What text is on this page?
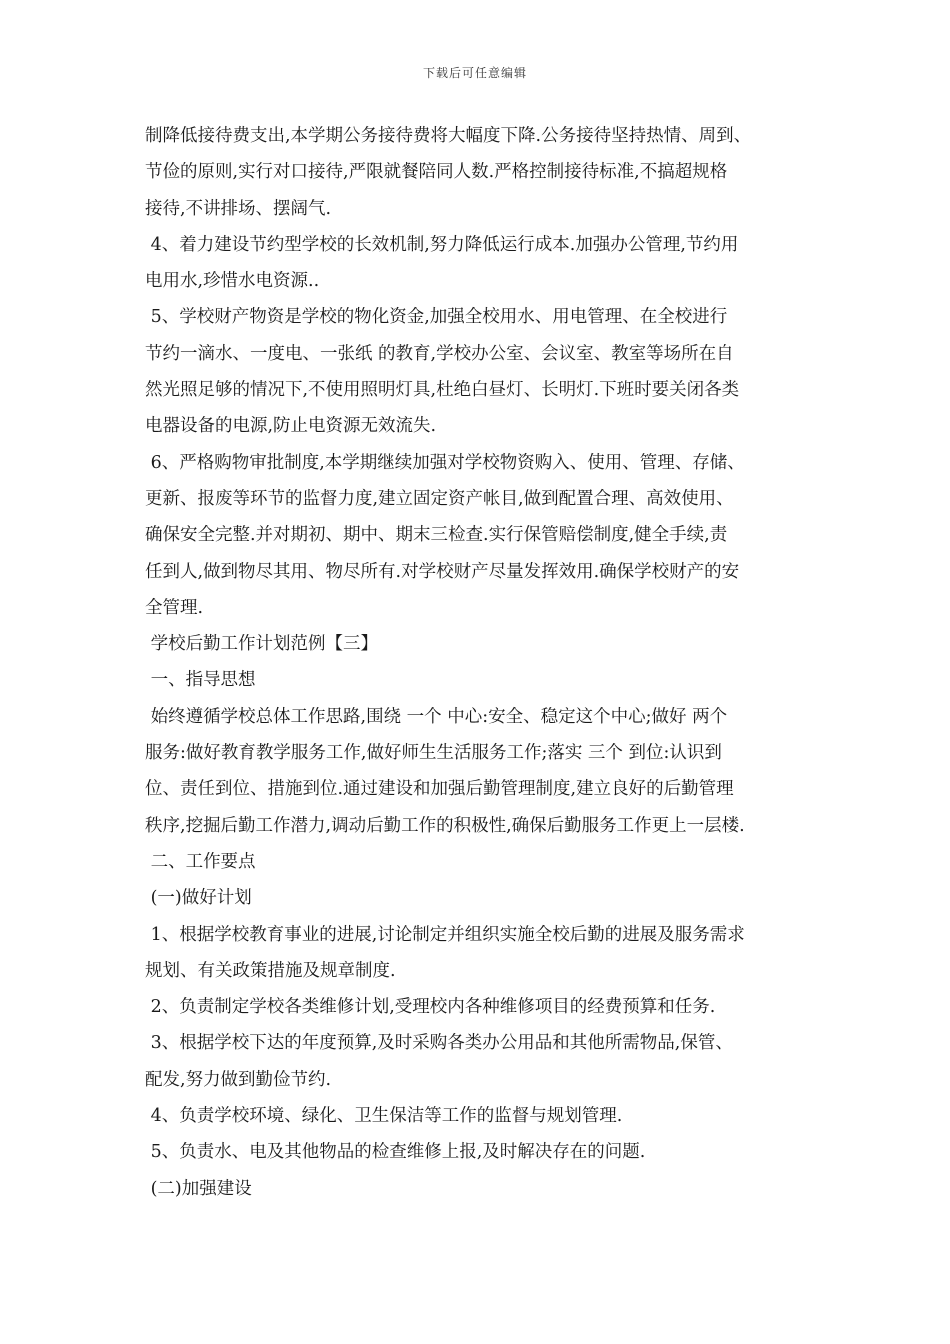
下载后可任意编辑
制降低接待费支出,本学期公务接待费将大幅度下降.公务接待坚持热情、周到、
节俭的原则,实行对口接待,严限就餐陪同人数.严格控制接待标准,不搞超规格
接待,不讲排场、摆阔气.
4、着力建设节约型学校的长效机制,努力降低运行成本.加强办公管理,节约用
电用水,珍惜水电资源..
5、学校财产物资是学校的物化资金,加强全校用水、用电管理、在全校进行
节约一滴水、一度电、一张纸 的教育,学校办公室、会议室、教室等场所在自
然光照足够的情况下,不使用照明灯具,杜绝白昼灯、长明灯.下班时要关闭各类
电器设备的电源,防止电资源无效流失.
6、严格购物审批制度,本学期继续加强对学校物资购入、使用、管理、存储、
更新、报废等环节的监督力度,建立固定资产帐目,做到配置合理、高效使用、
确保安全完整.并对期初、期中、期末三检查.实行保管赔偿制度,健全手续,责
任到人,做到物尽其用、物尽所有.对学校财产尽量发挥效用.确保学校财产的安
全管理.
学校后勤工作计划范例【三】
一、指导思想
始终遵循学校总体工作思路,围绕 一个 中心:安全、稳定这个中心;做好 两个
服务:做好教育教学服务工作,做好师生生活服务工作;落实 三个 到位:认识到
位、责任到位、措施到位.通过建设和加强后勤管理制度,建立良好的后勤管理
秩序,挖掘后勤工作潜力,调动后勤工作的积极性,确保后勤服务工作更上一层楼.
二、工作要点
(一)做好计划
1、根据学校教育事业的进展,讨论制定并组织实施全校后勤的进展及服务需求
规划、有关政策措施及规章制度.
2、负责制定学校各类维修计划,受理校内各种维修项目的经费预算和任务.
3、根据学校下达的年度预算,及时采购各类办公用品和其他所需物品,保管、
配发,努力做到勤俭节约.
4、负责学校环境、绿化、卫生保洁等工作的监督与规划管理.
5、负责水、电及其他物品的检查维修上报,及时解决存在的问题.
(二)加强建设
